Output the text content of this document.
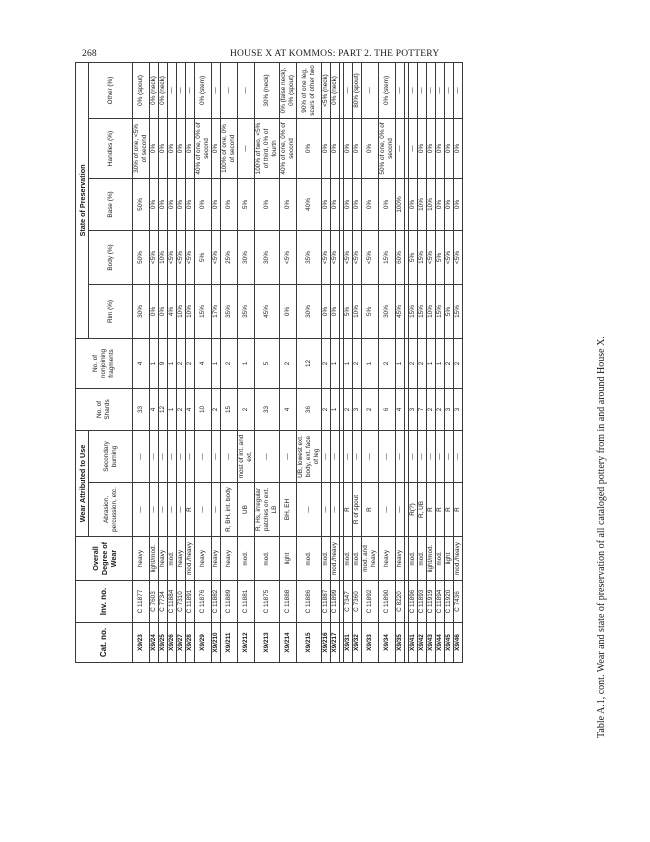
268	HOUSE X AT KOMMOS: PART 2. THE POTTERY
Cat. no.	Inv. no.	Overall Degree of Wear	Wear Attributed to Use		No. of Shards	No. of nonjoining fragments	State of Preservation				
			Abrasion, percussion, etc.	Secondary burning			Rim (%)	Body (%)	Base (%)	Handles (%)	Other (%)
X9/23	C 11877	heavy	—	—	33	4	30%	50%	50%	30% of one, <5% of second	0% (spout)
X9/24	C 7603	light/mod.	—	—	4	1	0%	<5%	0%	0%	0% (neck)
X9/25	C 7734	heavy	—	—	12	9	0%	10%	0%	0%	0% (neck)
X9/26	C 11884	mod.	—	—	1	1	4%	<5%	0%	0%	—
X9/27	C 7310	heavy	—	—	2	2	10%	<5%	0%	0%	—
X9/28	C 11891	mod./heavy	R	—	4	2	10%	<5%	0%	0%	—
X9/29	C 11876	heavy	—	—	10	4	15%	5%	0%	40% of one, 0% of second	0% (stem)
X9/210	C 11882	heavy	—	—	2	1	17%	<5%	0%	0%	—
X9/211	C 11889	heavy	R, BH, int. body	—	15	2	35%	25%	0%	100% of one, 0% of second	—
X9/212	C 11881	mod.	UB	most of int. and ext.	2	1	35%	30%	5%	—	—
X9/213	C 11875	mod.	R, Hs, irregular patches on ext. LB	—	33	5	45%	30%	0%	100% of two, <5% of third, 0% of fourth	30% (neck)
X9/214	C 11888	light	BH, EH	—	4	2	0%	<5%	0%	40% of one, 0% of second	0% (false neck), 0% (spout)
X9/215	C 11886	mod.	—	UB, lowest ext. body, ext. face of leg	36	12	30%	35%	40%	0%	90% of one leg, scars of other two
X9/216	C 11887	mod.	—	—	2	2	0%	<5%	0%	0%	<5% (neck)
X9/217	C 11899	mod./heavy	—	—	1	1	0%	<5%	0%	0%	0% (neck)

X9/31	C 7347	mod.	R	—	2	1	5%	<5%	0%	0%	—
X9/32	C 7360	mod.	R of spout	—	3	2	10%	<5%	0%	0%	80% (spout)
X9/33	C 11892	mod. and heavy	R	—	2	1	5%	<5%	0%	0%	—
X9/34	C 11890	heavy	—	—	6	2	30%	15%	0%	50% of one, 0% of second	0% (stem)
X9/35	C 8220	heavy	—	—	4	1	45%	60%	100%	—	—

X9/41	C 11896	mod.	R(?)	—	3	2	15%	5%	0%	—	—
X9/42	C 11893	mod.	R, UB	—	7	2	15%	15%	10%	0%	—
X9/43	C 11919	light/mod.	R	—	2	1	10%	<5%	10%	0%	—
X9/44	C 11894	mod.	R	—	2	1	15%	5%	0%	0%	—
X9/45	C 11920	light	R	—	3	2	5%	<5%	0%	0%	—
X9/46	C 7436	mod./heavy	R	—	3	2	15%	<5%	0%	0%	—
Table A.1, cont. Wear and state of preservation of all cataloged pottery from in and around House X.
